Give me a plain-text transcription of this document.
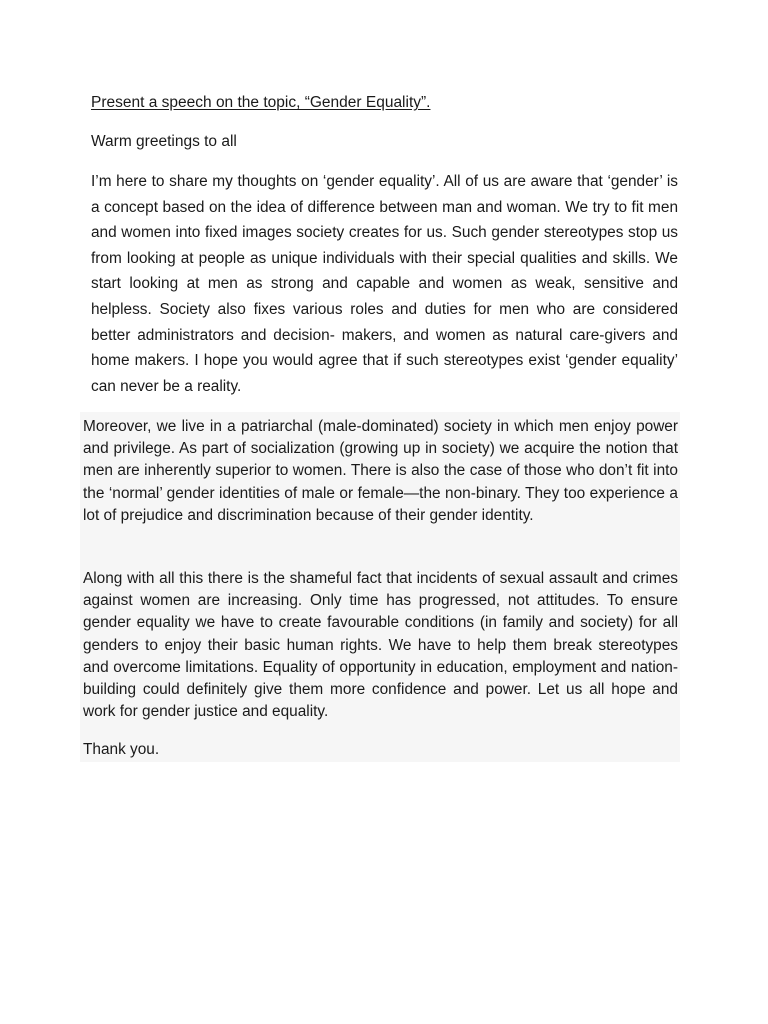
Present a speech on the topic, “Gender Equality”.
Warm greetings to all

I’m here to share my thoughts on ‘gender equality’. All of us are aware that ‘gender’ is a concept based on the idea of difference between man and woman. We try to fit men and women into fixed images society creates for us. Such gender stereotypes stop us from looking at people as unique individuals with their special qualities and skills. We start looking at men as strong and capable and women as weak, sensitive and helpless. Society also fixes various roles and duties for men who are considered better administrators and decision- makers, and women as natural care-givers and home makers. I hope you would agree that if such stereotypes exist ‘gender equality’ can never be a reality.

Moreover, we live in a patriarchal (male-dominated) society in which men enjoy power and privilege. As part of socialization (growing up in society) we acquire the notion that men are inherently superior to women. There is also the case of those who don’t fit into the ‘normal’ gender identities of male or female—the non-binary. They too experience a lot of prejudice and discrimination because of their gender identity.

Along with all this there is the shameful fact that incidents of sexual assault and crimes against women are increasing. Only time has progressed, not attitudes. To ensure gender equality we have to create favourable conditions (in family and society) for all genders to enjoy their basic human rights. We have to help them break stereotypes and overcome limitations. Equality of opportunity in education, employment and nation-building could definitely give them more confidence and power. Let us all hope and work for gender justice and equality.

Thank you.
